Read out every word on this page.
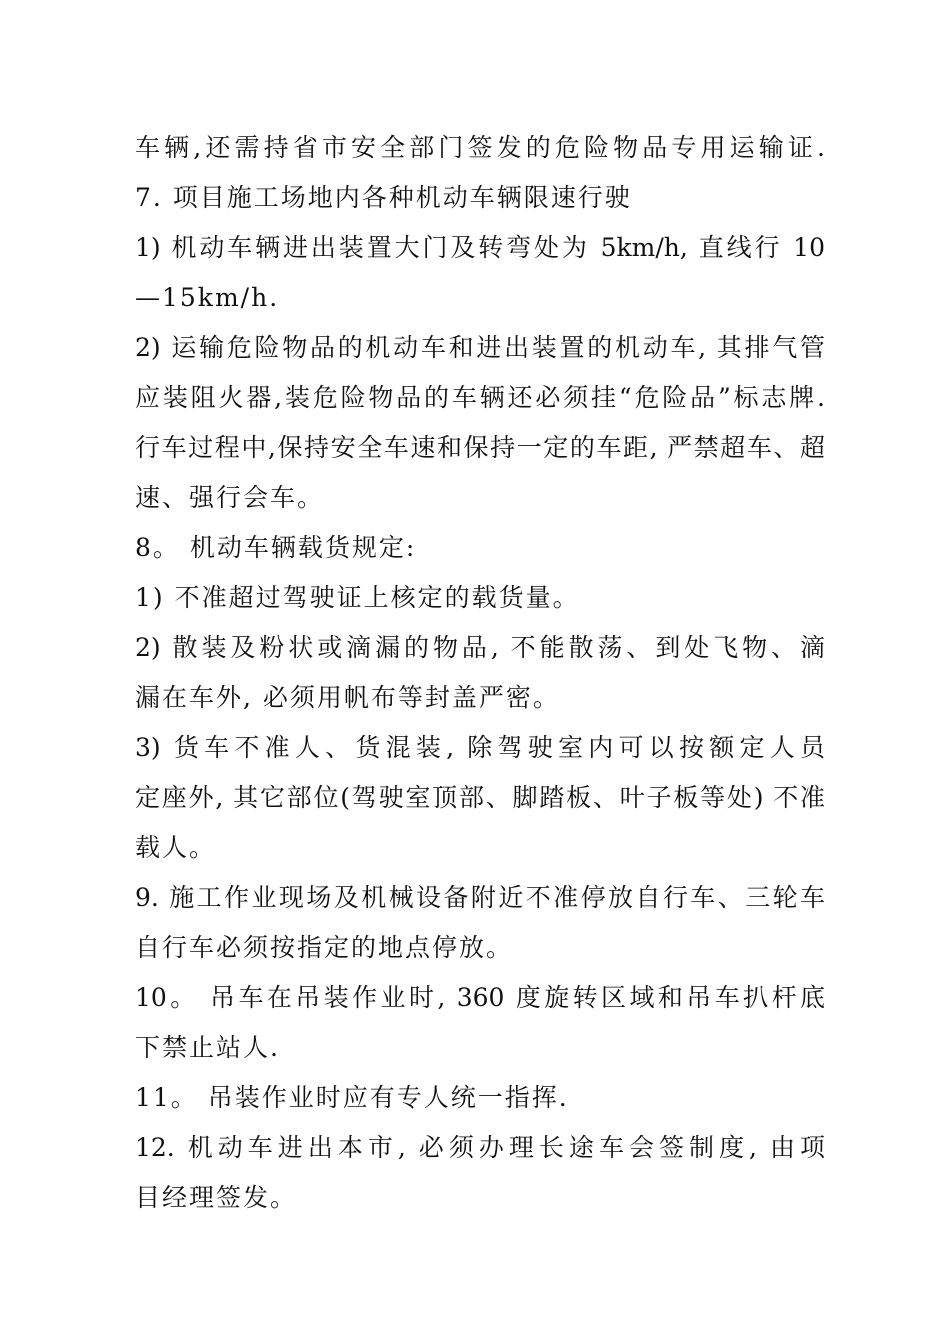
车辆,还需持省市安全部门签发的危险物品专用运输证.
7. 项目施工场地内各种机动车辆限速行驶
1) 机动车辆进出装置大门及转弯处为 5km/h, 直线行 10
—15km/h.
2) 运输危险物品的机动车和进出装置的机动车, 其排气管
应装阻火器,装危险物品的车辆还必须挂“危险品”标志牌.
行车过程中,保持安全车速和保持一定的车距, 严禁超车、超
速、强行会车。
8。 机动车辆载货规定:
1) 不准超过驾驶证上核定的载货量。
2) 散装及粉状或滴漏的物品, 不能散荡、到处飞物、滴
漏在车外, 必须用帆布等封盖严密。
3) 货车不准人、货混装, 除驾驶室内可以按额定人员
定座外, 其它部位(驾驶室顶部、脚踏板、叶子板等处) 不准
载人。
9. 施工作业现场及机械设备附近不准停放自行车、三轮车
自行车必须按指定的地点停放。
10。 吊车在吊装作业时, 360 度旋转区域和吊车扒杆底
下禁止站人.
11。 吊装作业时应有专人统一指挥.
12. 机动车进出本市, 必须办理长途车会签制度, 由项
目经理签发。
